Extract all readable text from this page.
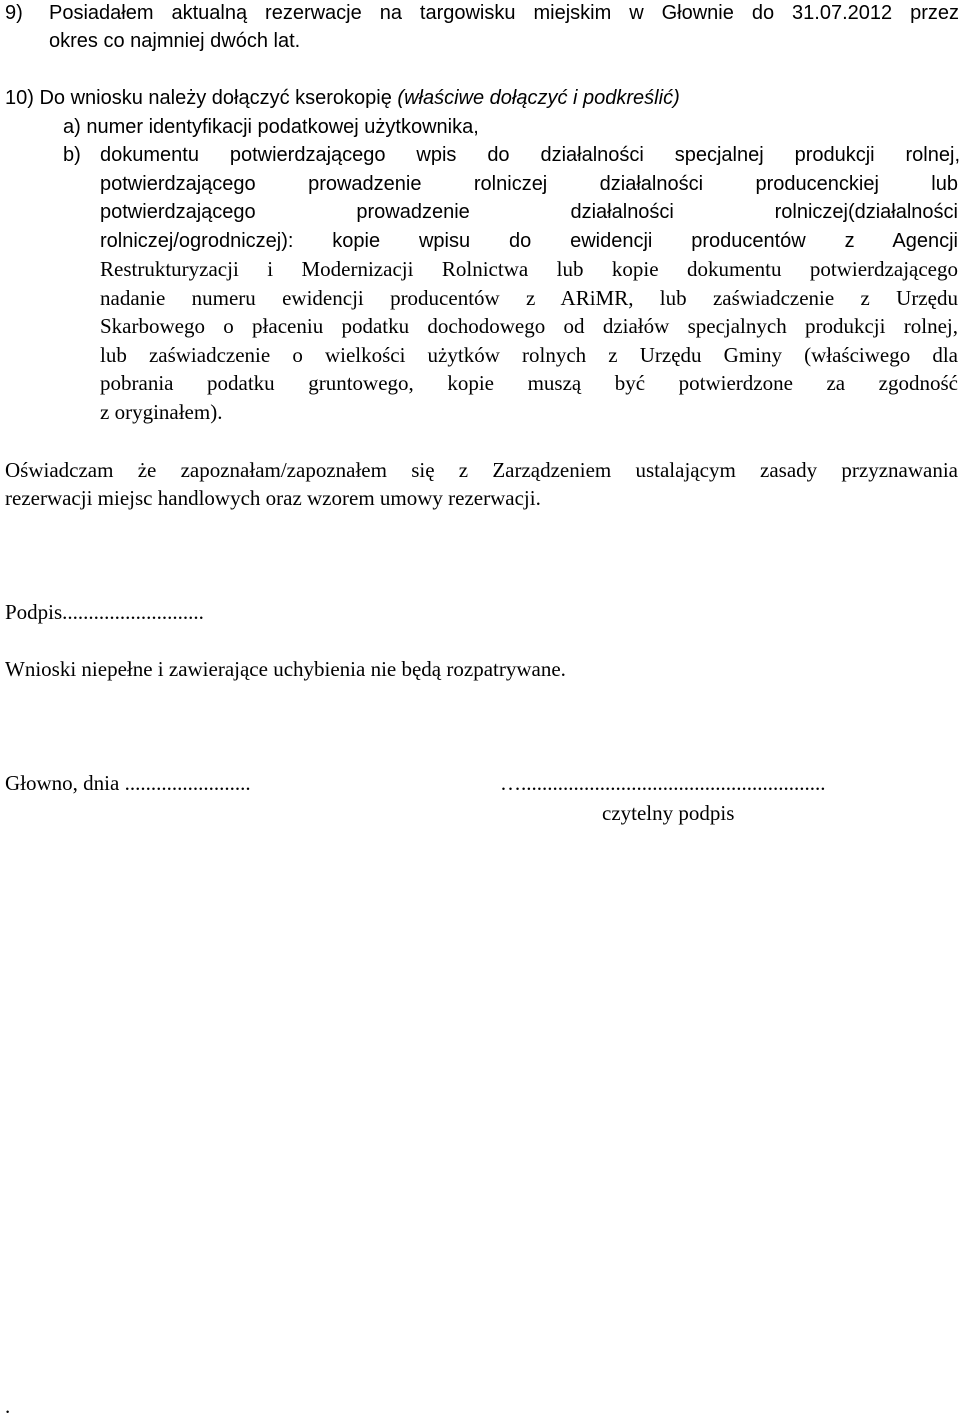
9) Posiadałem aktualną rezerwacje na targowisku miejskim w Głownie do 31.07.2012 przez
okres co najmniej dwóch lat.
10) Do wniosku należy dołączyć kserokopię (właściwe dołączyć i podkreślić)
a) numer identyfikacji podatkowej użytkownika,
b) dokumentu potwierdzającego wpis do działalności specjalnej produkcji rolnej,
potwierdzającego prowadzenie rolniczej działalności producenckiej lub
potwierdzającego prowadzenie działalności rolniczej(działalności
rolniczej/ogrodniczej): kopie wpisu do ewidencji producentów z Agencji
Restrukturyzacji i Modernizacji Rolnictwa lub kopie dokumentu potwierdzającego
nadanie numeru ewidencji producentów z ARiMR, lub zaświadczenie z Urzędu
Skarbowego o płaceniu podatku dochodowego od działów specjalnych produkcji rolnej,
lub zaświadczenie o wielkości użytków rolnych z Urzędu Gminy (właściwego dla
pobrania podatku gruntowego, kopie muszą być potwierdzone za zgodność
z oryginałem).
Oświadczam że zapoznałam/zapoznałem się z Zarządzeniem ustalającym zasady przyznawania
rezerwacji miejsc handlowych oraz wzorem umowy rezerwacji.
Podpis...........................
Wnioski niepełne i zawierające uchybienia nie będą rozpatrywane.
Głowno, dnia ........................	…..........................................................
czytelny podpis
.
